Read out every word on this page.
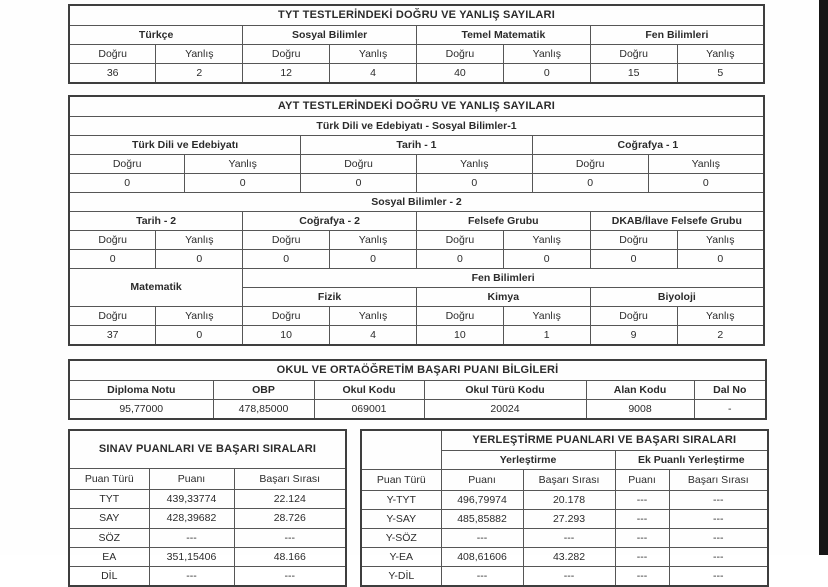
TYT TESTLERİNDEKİ DOĞRU VE YANLIŞ SAYILARI							
Türkçe		Sosyal Bilimler		Temel Matematik		Fen Bilimleri	
Doğru	Yanlış	Doğru	Yanlış	Doğru	Yanlış	Doğru	Yanlış
36	2	12	4	40	0	15	5
AYT TESTLERİNDEKİ DOĞRU VE YANLIŞ SAYILARI											
Türk Dili ve Edebiyatı - Sosyal Bilimler-1											
Türk Dili ve Edebiyatı				Tarih - 1				Coğrafya - 1			
Doğru		Yanlış		Doğru		Yanlış		Doğru		Yanlış	
0		0		0		0		0		0	
Sosyal Bilimler - 2											
Tarih - 2			Coğrafya - 2			Felsefe Grubu			DKAB/İlave Felsefe Grubu		
Doğru	Yanlış		Doğru		Yanlış	Doğru	Yanlış		Doğru		Yanlış
0	0		0		0	0	0		0		0
Matematik			Fen Bilimleri								
			Fizik			Kimya			Biyoloji		
Doğru	Yanlış		Doğru		Yanlış	Doğru	Yanlış		Doğru		Yanlış
37	0		10		4	10	1		9		2
OKUL VE ORTAÖĞRETİM BAŞARI PUANI BİLGİLERİ					
Diploma Notu	OBP	Okul Kodu	Okul Türü Kodu	Alan Kodu	Dal No
95,77000	478,85000	069001	20024	9008	-
SINAV PUANLARI VE BAŞARI SIRALARI		
Puan Türü	Puanı	Başarı Sırası
TYT	439,33774	22.124
SAY	428,39682	28.726
SÖZ	---	---
EA	351,15406	48.166
DİL	---	---
	YERLEŞTİRME PUANLARI VE BAŞARI SIRALARI			
	Yerleştirme		Ek Puanlı Yerleştirme	
Puan Türü	Puanı	Başarı Sırası	Puanı	Başarı Sırası
Y-TYT	496,79974	20.178	---	---
Y-SAY	485,85882	27.293	---	---
Y-SÖZ	---	---	---	---
Y-EA	408,61606	43.282	---	---
Y-DİL	---	---	---	---
